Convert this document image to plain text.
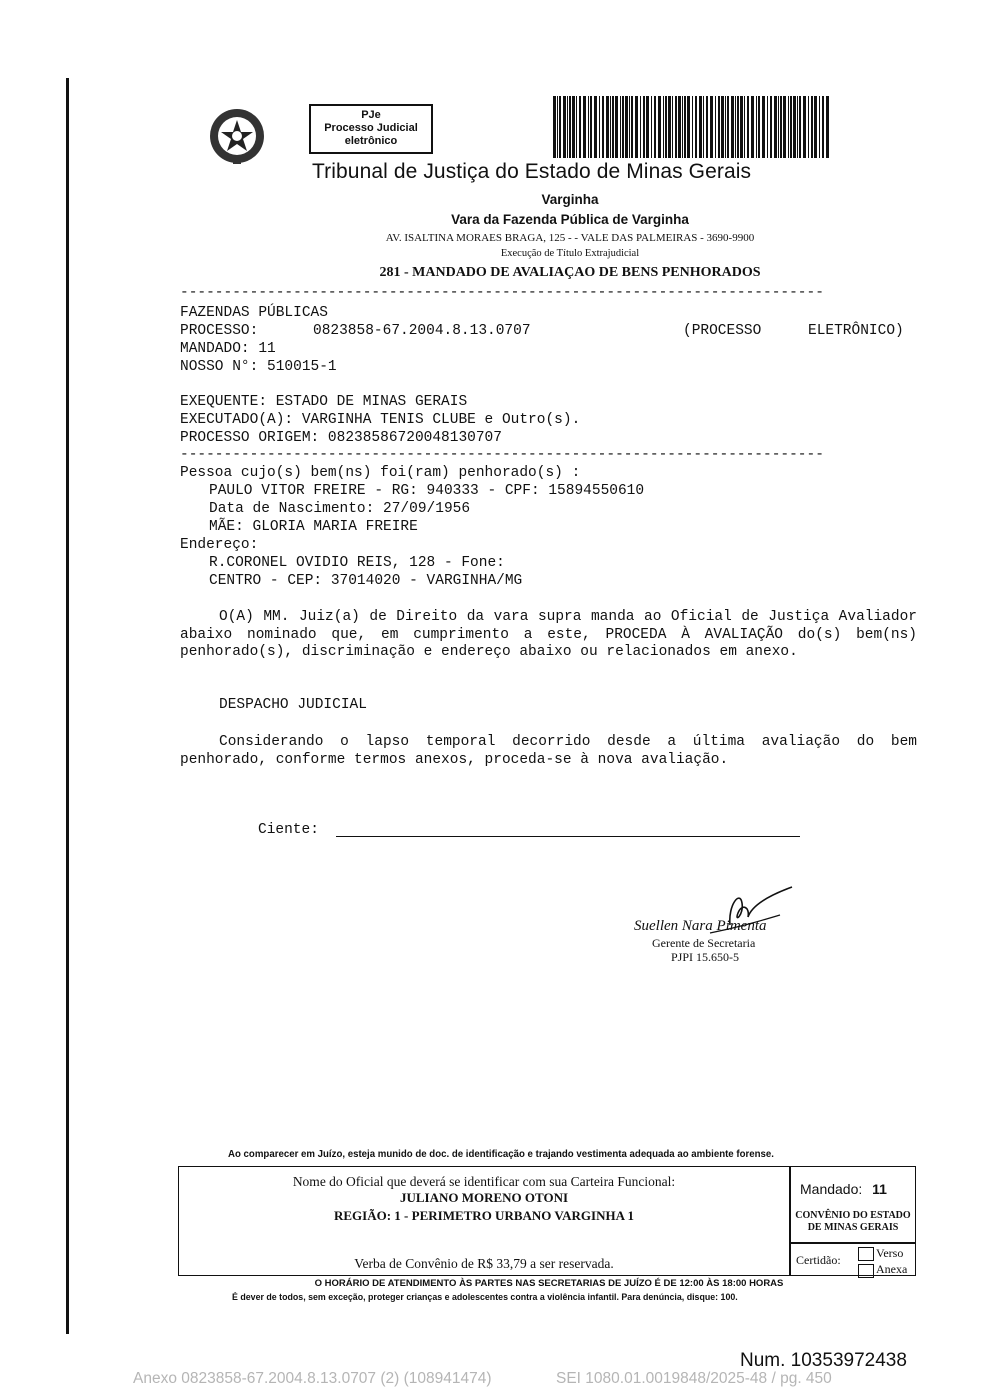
PJe
Processo Judicial
eletrônico
Tribunal de Justiça do Estado de Minas Gerais
Varginha
Vara da Fazenda Pública de Varginha
AV. ISALTINA MORAES BRAGA, 125 - - VALE DAS PALMEIRAS - 3690-9900
Execução de Título Extrajudicial
281 - MANDADO DE AVALIAÇAO DE BENS PENHORADOS
--------------------------------------------------------------------------
FAZENDAS PÚBLICAS
PROCESSO:	0823858-67.2004.8.13.0707	(PROCESSO	ELETRÔNICO)
MANDADO: 11
NOSSO N°: 510015-1
EXEQUENTE: ESTADO DE MINAS GERAIS
EXECUTADO(A): VARGINHA TENIS CLUBE e Outro(s).
PROCESSO ORIGEM: 08238586720048130707
--------------------------------------------------------------------------
Pessoa cujo(s) bem(ns) foi(ram) penhorado(s) :
PAULO VITOR FREIRE - RG: 940333 - CPF: 15894550610
Data de Nascimento: 27/09/1956
MÃE: GLORIA MARIA FREIRE
Endereço:
R.CORONEL OVIDIO REIS, 128 - Fone:
CENTRO - CEP: 37014020 - VARGINHA/MG
O(A) MM. Juiz(a) de Direito da vara supra manda ao Oficial de Justiça Avaliador abaixo nominado que, em cumprimento a este, PROCEDA À AVALIAÇÃO do(s) bem(ns) penhorado(s), discriminação e endereço abaixo ou relacionados em anexo.
DESPACHO JUDICIAL
Considerando o lapso temporal decorrido desde a última avaliação do bem penhorado, conforme termos anexos, proceda-se à nova avaliação.
Ciente:
Suellen Nara Pimenta
Gerente de Secretaria
PJPI 15.650-5
Ao comparecer em Juízo, esteja munido de doc. de identificação e trajando vestimenta adequada ao ambiente forense.
Nome do Oficial que deverá se identificar com sua Carteira Funcional:
JULIANO MORENO OTONI
REGIÃO: 1 - PERIMETRO URBANO VARGINHA 1
Verba de Convênio de R$ 33,79 a ser reservada.
Mandado: 11
CONVÊNIO DO ESTADO
DE MINAS GERAIS
Certidão:	Verso
Anexa
O HORÁRIO DE ATENDIMENTO ÀS PARTES NAS SECRETARIAS DE JUÍZO É DE 12:00 ÀS 18:00 HORAS
É dever de todos, sem exceção, proteger crianças e adolescentes contra a violência infantil. Para denúncia, disque: 100.
Num. 10353972438
Anexo 0823858-67.2004.8.13.0707 (2) (108941474)	SEI 1080.01.0019848/2025-48 / pg. 450
